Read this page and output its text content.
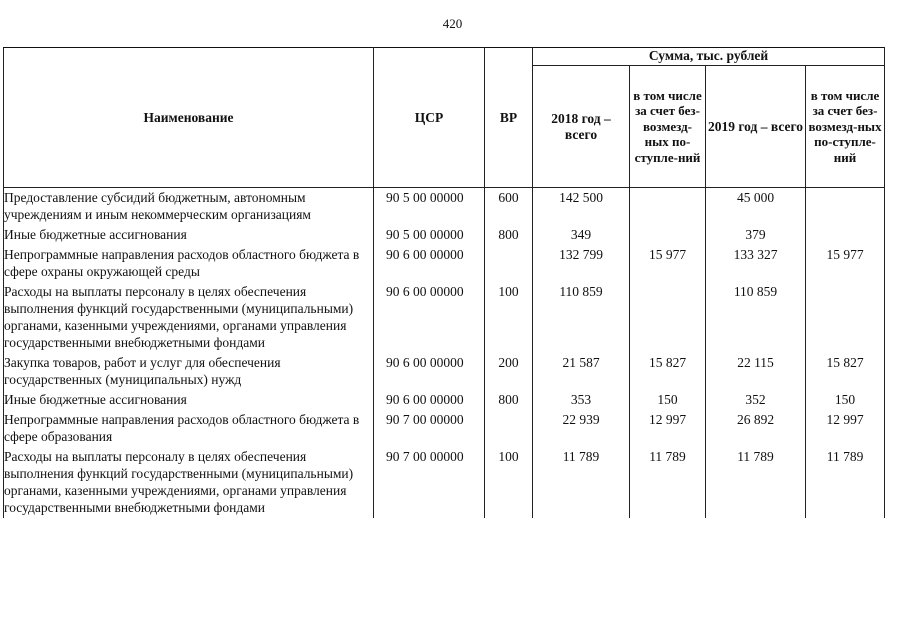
420
Наименование	ЦСР	ВР	Сумма, тыс. рублей			
			2018 год – всего	в том числе за счет без-возмезд-ных по-ступле-ний	2019 год – всего	в том числе за счет без-возмезд-ных по-ступле-ний
Предоставление субсидий бюджетным, автономным учреждениям и иным некоммерческим организациям	90 5 00 00000	600	142 500		45 000	
Иные бюджетные ассигнования	90 5 00 00000	800	349		379	
Непрограммные направления расходов областного бюджета в сфере охраны окружающей среды	90 6 00 00000		132 799	15 977	133 327	15 977
Расходы на выплаты персоналу в целях обеспечения выполнения функций государственными (муниципальными) органами, казенными учреждениями, органами управления государственными внебюджетными фондами	90 6 00 00000	100	110 859		110 859	
Закупка товаров, работ и услуг для обеспечения государственных (муниципальных) нужд	90 6 00 00000	200	21 587	15 827	22 115	15 827
Иные бюджетные ассигнования	90 6 00 00000	800	353	150	352	150
Непрограммные направления расходов областного бюджета в сфере образования	90 7 00 00000		22 939	12 997	26 892	12 997
Расходы на выплаты персоналу в целях обеспечения выполнения функций государственными (муниципальными) органами, казенными учреждениями, органами управления государственными внебюджетными фондами	90 7 00 00000	100	11 789	11 789	11 789	11 789
